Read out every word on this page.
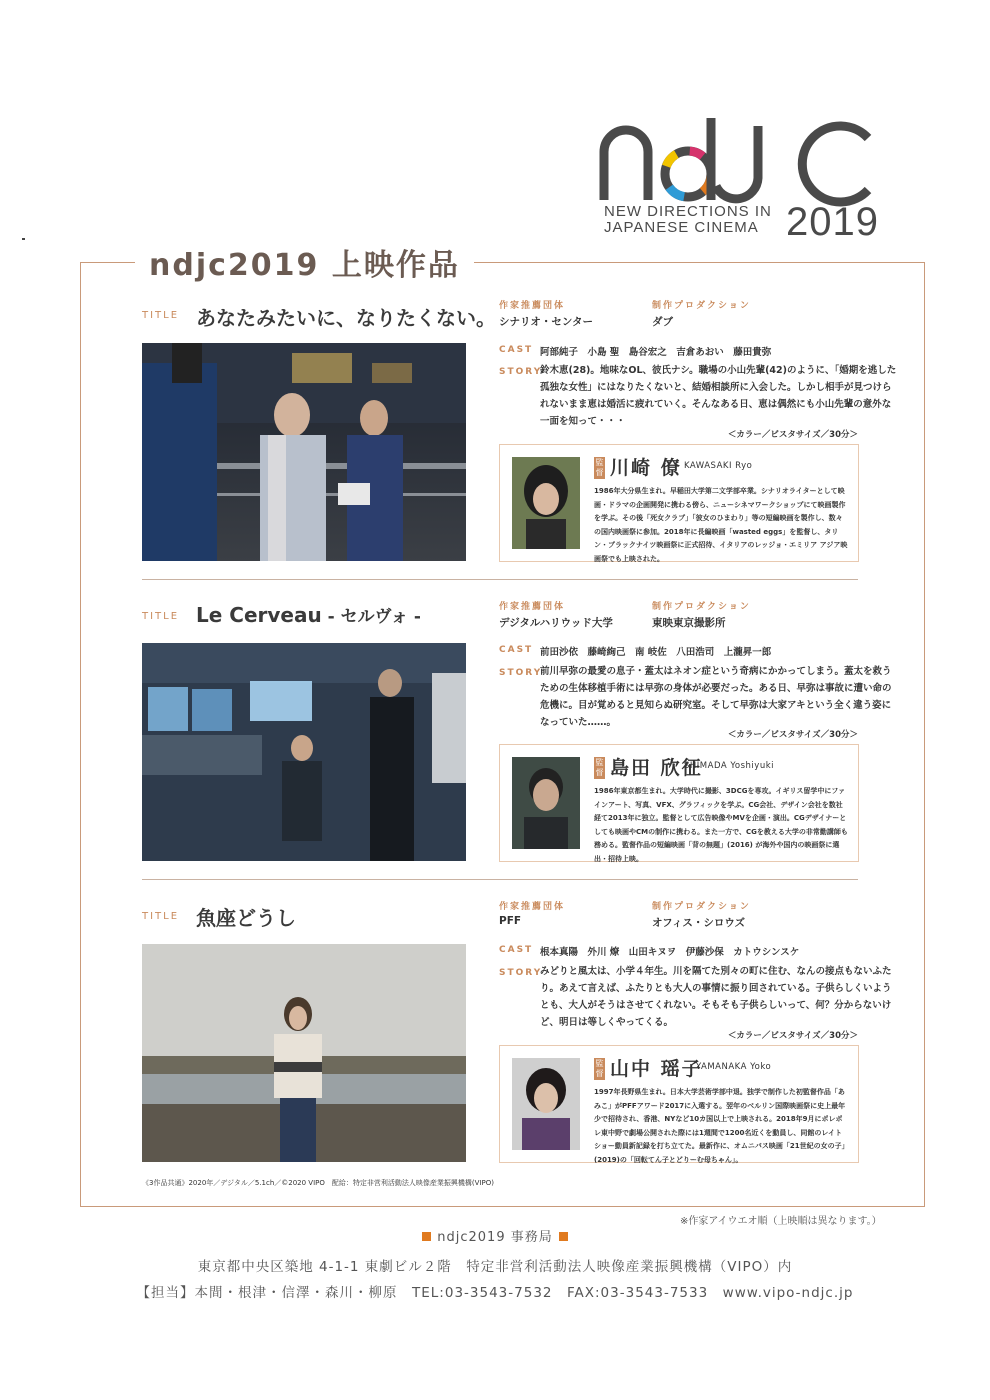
NEW DIRECTIONS IN
JAPANESE CINEMA 2019
ndjc2019 上映作品
TITLE あなたみたいに、なりたくない。 作家推薦団体	制作プロダクション
シナリオ・センター	ダブ
CAST 阿部純子　小島 聖　島谷宏之　吉倉あおい　藤田貴弥
STORY
鈴木恵(28)。地味なOL、彼氏ナシ。職場の小山先輩(42)のように、「婚期を逃した孤独な女性」にはなりたくないと、結婚相談所に入会した。しかし相手が見つけられないまま恵は婚活に疲れていく。そんなある日、恵は偶然にも小山先輩の意外な一面を知って・・・
＜カラー／ビスタサイズ／30分＞
監督 川崎 僚 KAWASAKI Ryo
1986年大分県生まれ。早稲田大学第二文学部卒業。シナリオライターとして映画・ドラマの企画開発に携わる傍ら、ニューシネマワークショップにて映画製作を学ぶ。その後「死女クラブ」「彼女のひまわり」等の短編映画を製作し、数々の国内映画祭に参加。2018年に長編映画「wasted eggs」を監督し、タリン・ブラックナイツ映画祭に正式招待、イタリアのレッジョ・エミリア アジア映画祭でも上映された。
TITLE Le Cerveau - セルヴォ -	作家推薦団体	制作プロダクション
デジタルハリウッド大学	東映東京撮影所
CAST 前田沙依　藤崎絢己　南 岐佐　八田浩司　上瀧昇一郎
STORY
前川早弥の最愛の息子・蓋太はネオン症という奇病にかかってしまう。蓋太を救うための生体移植手術には早弥の身体が必要だった。ある日、早弥は事故に遭い命の危機に。目が覚めると見知らぬ研究室。そして早弥は大家アキという全く違う姿になっていた……。
＜カラー／ビスタサイズ／30分＞
監督 島田 欣征
SHIMADA Yoshiyuki
1986年東京都生まれ。大学時代に撮影、3DCGを専攻。イギリス留学中にファインアート、写真、VFX、グラフィックを学ぶ。CG会社、デザイン会社を数社経て2013年に独立。監督として広告映像やMVを企画・演出。CGデザイナーとしても映画やCMの制作に携わる。また一方で、CGを教える大学の非常勤講師も務める。監督作品の短編映画「背の無題」(2016) が海外や国内の映画祭に選出・招待上映。
TITLE 魚座どうし	作家推薦団体	制作プロダクション
PFF	オフィス・シロウズ
CAST 根本真陽　外川 燎　山田キヌヲ　伊藤沙保　カトウシンスケ
STORY
みどりと風太は、小学４年生。川を隔てた別々の町に住む、なんの接点もないふたり。あえて言えば、ふたりとも大人の事情に振り回されている。子供らしくいようとも、大人がそうはさせてくれない。そもそも子供らしいって、何？分からないけど、明日は等しくやってくる。
＜カラー／ビスタサイズ／30分＞
監督 山中 瑶子
YAMANAKA Yoko
1997年長野県生まれ。日本大学芸術学部中退。独学で制作した初監督作品「あみこ」がPFFアワード2017に入選する。翌年のベルリン国際映画祭に史上最年少で招待され、香港、NYなど10カ国以上で上映される。2018年9月にポレポレ東中野で劇場公開された際には1週間で1200名近くを動員し、同館のレイトショー動員新記録を打ち立てた。最新作に、オムニバス映画「21世紀の女の子」(2019)の「回転てん子とどりーむ母ちゃん」。
《3作品共通》2020年／デジタル／5.1ch／©2020 VIPO　配給：特定非営利活動法人映像産業振興機構(VIPO)
※作家アイウエオ順（上映順は異なります。）
ndjc2019 事務局
東京都中央区築地 4-1-1 東劇ビル２階　特定非営利活動法人映像産業振興機構（VIPO）内
【担当】本間・根津・信澤・森川・柳原　TEL:03-3543-7532　FAX:03-3543-7533　www.vipo-ndjc.jp
